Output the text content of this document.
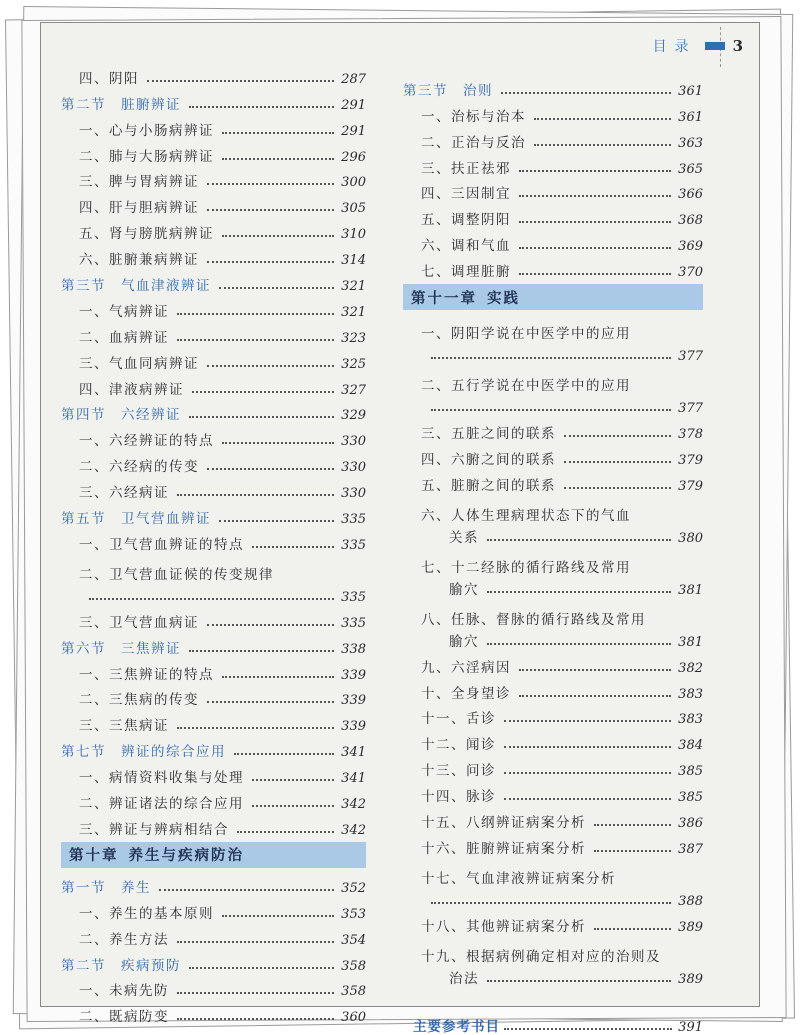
目录 3
四、阴阳	287
第二节　脏腑辨证	291
一、心与小肠病辨证	291
二、肺与大肠病辨证	296
三、脾与胃病辨证	300
四、肝与胆病辨证	305
五、肾与膀胱病辨证	310
六、脏腑兼病辨证	314
第三节　气血津液辨证	321
一、气病辨证	321
二、血病辨证	323
三、气血同病辨证	325
四、津液病辨证	327
第四节　六经辨证	329
一、六经辨证的特点	330
二、六经病的传变	330
三、六经病证	330
第五节　卫气营血辨证	335
一、卫气营血辨证的特点	335
二、卫气营血证候的传变规律
335
三、卫气营血病证	335
第六节　三焦辨证	338
一、三焦辨证的特点	339
二、三焦病的传变	339
三、三焦病证	339
第七节　辨证的综合应用	341
一、病情资料收集与处理	341
二、辨证诸法的综合应用	342
三、辨证与辨病相结合	342
第十章 养生与疾病防治
第一节　养生	352
一、养生的基本原则	353
二、养生方法	354
第二节　疾病预防	358
一、未病先防	358
二、既病防变	360
第三节　治则	361
一、治标与治本	361
二、正治与反治	363
三、扶正祛邪	365
四、三因制宜	366
五、调整阴阳	368
六、调和气血	369
七、调理脏腑	370
第十一章 实践
一、阴阳学说在中医学中的应用
377
二、五行学说在中医学中的应用
377
三、五脏之间的联系	378
四、六腑之间的联系	379
五、脏腑之间的联系	379
六、人体生理病理状态下的气血
关系	380
七、十二经脉的循行路线及常用
腧穴	381
八、任脉、督脉的循行路线及常用
腧穴	381
九、六淫病因	382
十、全身望诊	383
十一、舌诊	383
十二、闻诊	384
十三、问诊	385
十四、脉诊	385
十五、八纲辨证病案分析	386
十六、脏腑辨证病案分析	387
十七、气血津液辨证病案分析
388
十八、其他辨证病案分析	389
十九、根据病例确定相对应的治则及
治法	389
主要参考书目	391
